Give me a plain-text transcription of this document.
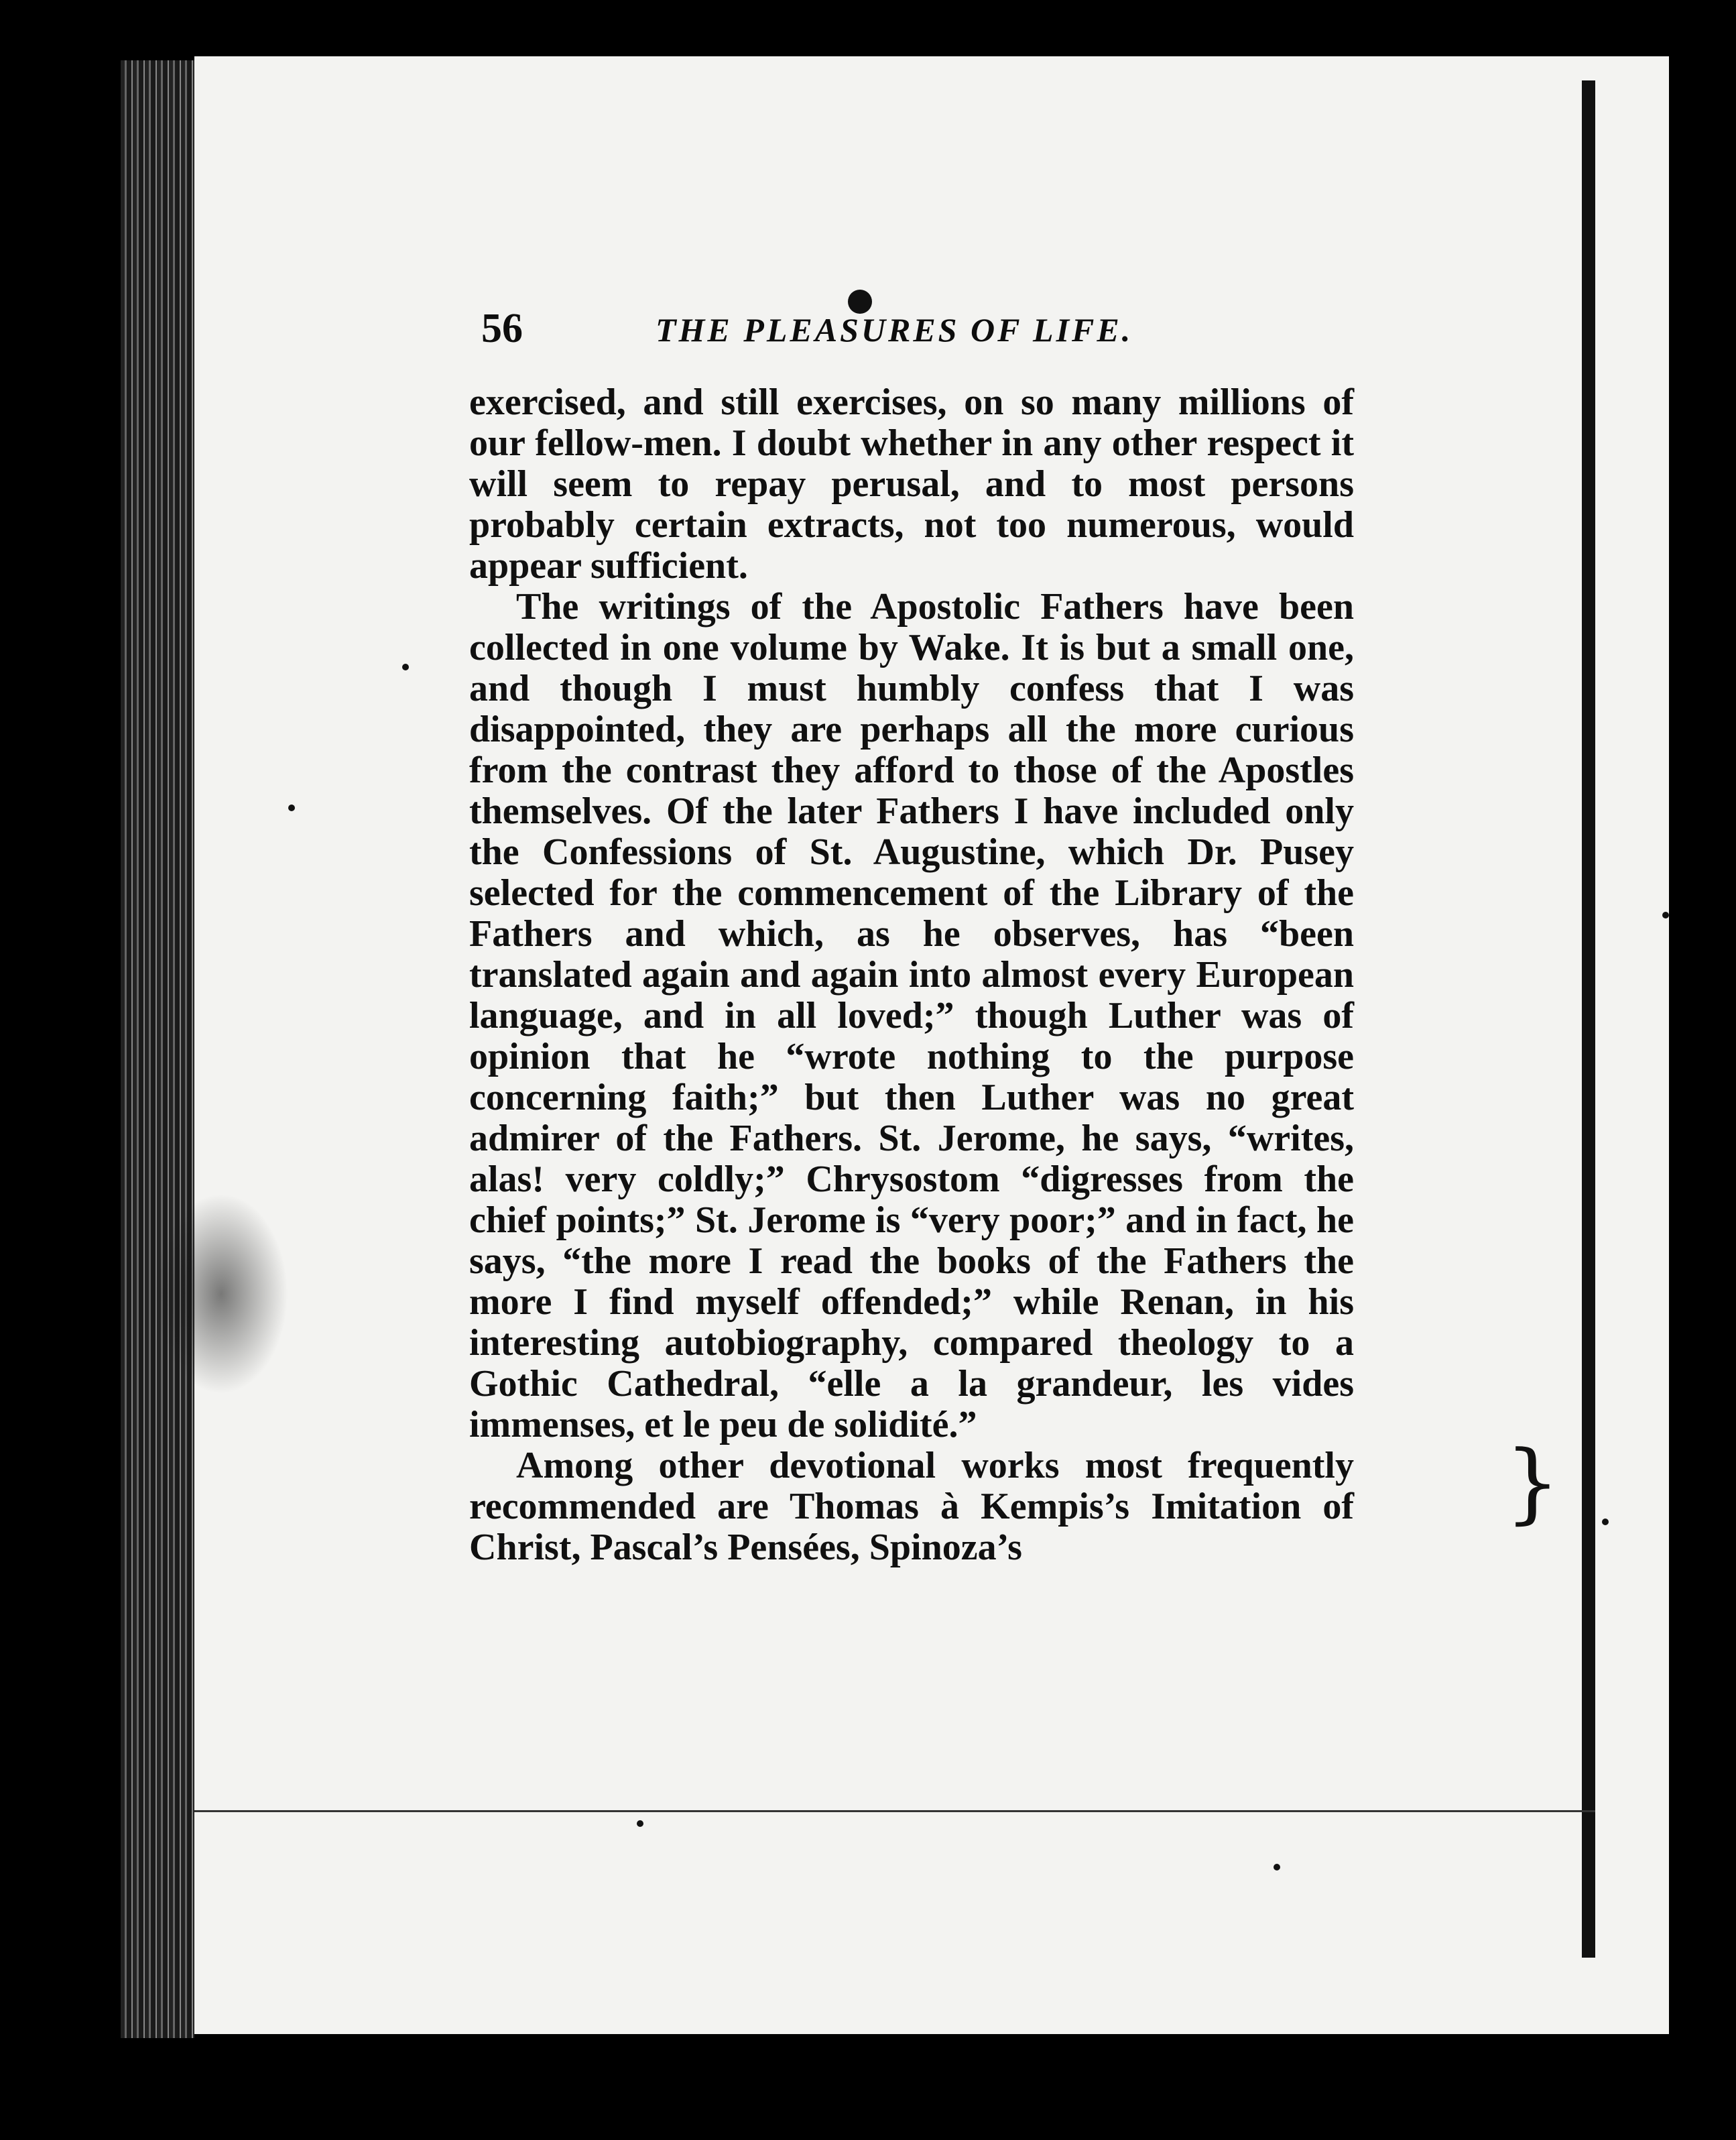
56	THE PLEASURES OF LIFE.

exercised, and still exercises, on so many millions of our fellow-men. I doubt whether in any other respect it will seem to repay perusal, and to most persons probably certain extracts, not too numerous, would appear sufficient.

The writings of the Apostolic Fathers have been collected in one volume by Wake. It is but a small one, and though I must humbly confess that I was disappointed, they are perhaps all the more curious from the contrast they afford to those of the Apostles themselves. Of the later Fathers I have included only the Confessions of St. Augustine, which Dr. Pusey selected for the commencement of the Library of the Fathers and which, as he observes, has “been translated again and again into almost every European language, and in all loved;” though Luther was of opinion that he “wrote nothing to the purpose concerning faith;” but then Luther was no great admirer of the Fathers. St. Jerome, he says, “writes, alas! very coldly;” Chrysostom “digresses from the chief points;” St. Jerome is “very poor;” and in fact, he says, “the more I read the books of the Fathers the more I find myself offended;” while Renan, in his interesting autobiography, compared theology to a Gothic Cathedral, “elle a la grandeur, les vides immenses, et le peu de solidité.”

Among other devotional works most frequently recommended are Thomas à Kempis’s Imitation of Christ, Pascal’s Pensées, Spinoza’s

}
